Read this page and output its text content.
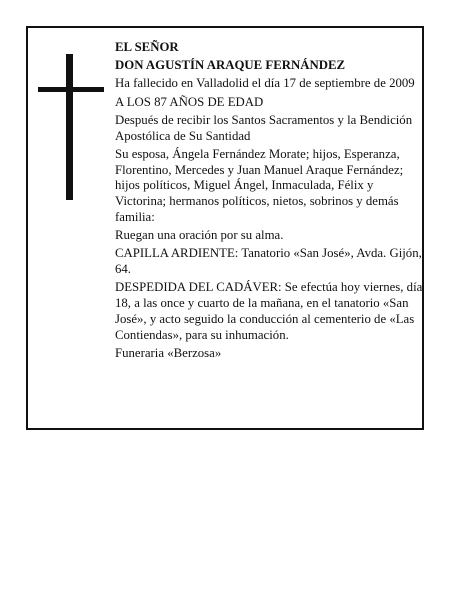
EL SEÑOR

DON AGUSTÍN ARAQUE FERNÁNDEZ

Ha fallecido en Valladolid el día 17 de septiembre de 2009

A LOS 87 AÑOS DE EDAD

Después de recibir los Santos Sacramentos y la Bendición Apostólica de Su Santidad

Su esposa, Ángela Fernández Morate; hijos, Esperanza, Florentino, Mercedes y Juan Manuel Araque Fernández; hijos políticos, Miguel Ángel, Inmaculada, Félix y Victorina; hermanos políticos, nietos, sobrinos y demás familia:

Ruegan una oración por su alma.

CAPILLA ARDIENTE: Tanatorio «San José», Avda. Gijón, 64.

DESPEDIDA DEL CADÁVER: Se efectúa hoy viernes, día 18, a las once y cuarto de la mañana, en el tanatorio «San José», y acto seguido la conducción al cementerio de «Las Contiendas», para su inhumación.

Funeraria «Berzosa»
